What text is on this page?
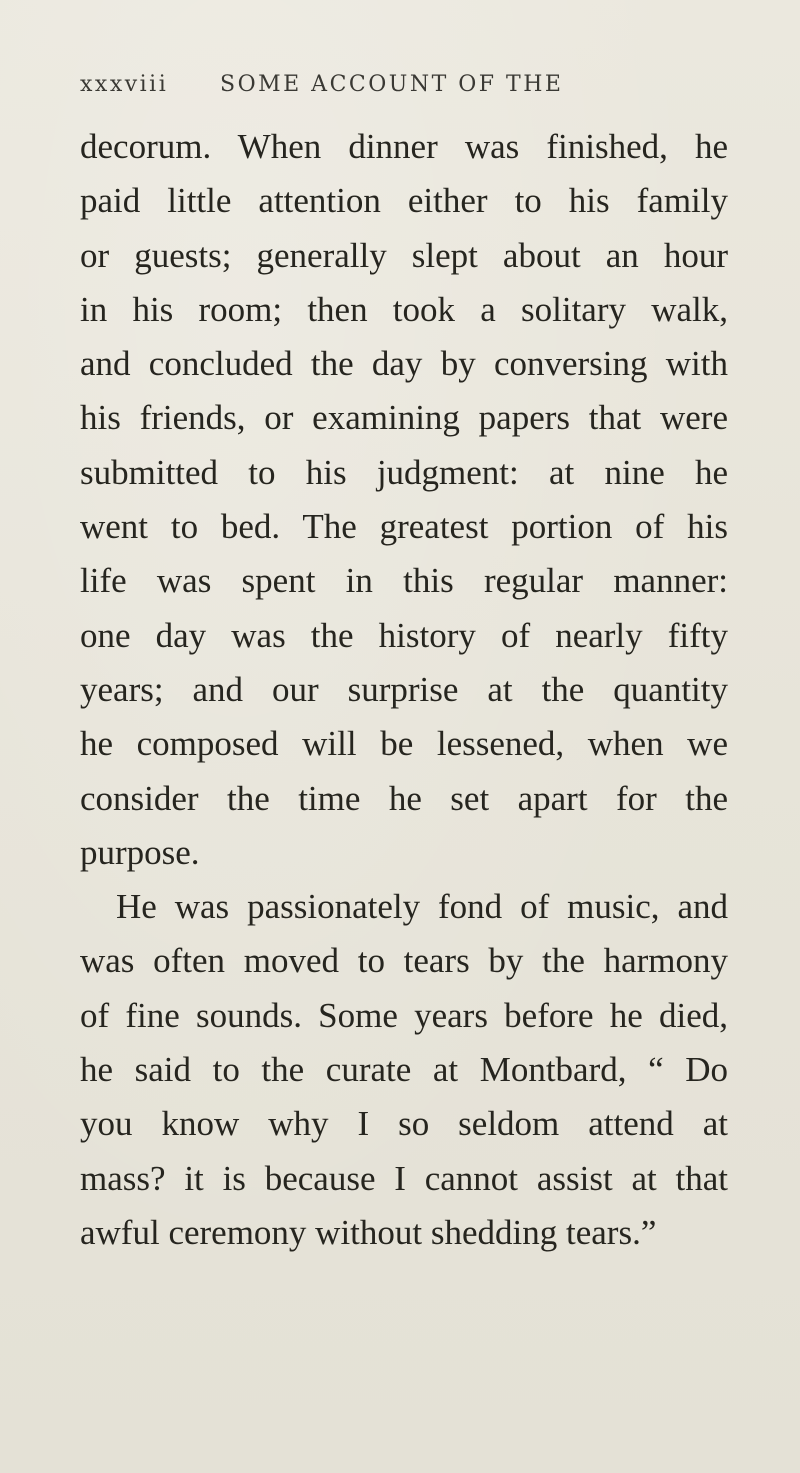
xxxviii SOME ACCOUNT OF THE
decorum. When dinner was finished, he
paid little attention either to his family
or guests; generally slept about an hour
in his room; then took a solitary walk,
and concluded the day by conversing with
his friends, or examining papers that were
submitted to his judgment: at nine he
went to bed. The greatest portion of his
life was spent in this regular manner:
one day was the history of nearly fifty
years; and our surprise at the quantity
he composed will be lessened, when we
consider the time he set apart for the
purpose.
He was passionately fond of music, and
was often moved to tears by the harmony
of fine sounds. Some years before he died,
he said to the curate at Montbard, “ Do
you know why I so seldom attend at
mass? it is because I cannot assist at that
awful ceremony without shedding tears.”
